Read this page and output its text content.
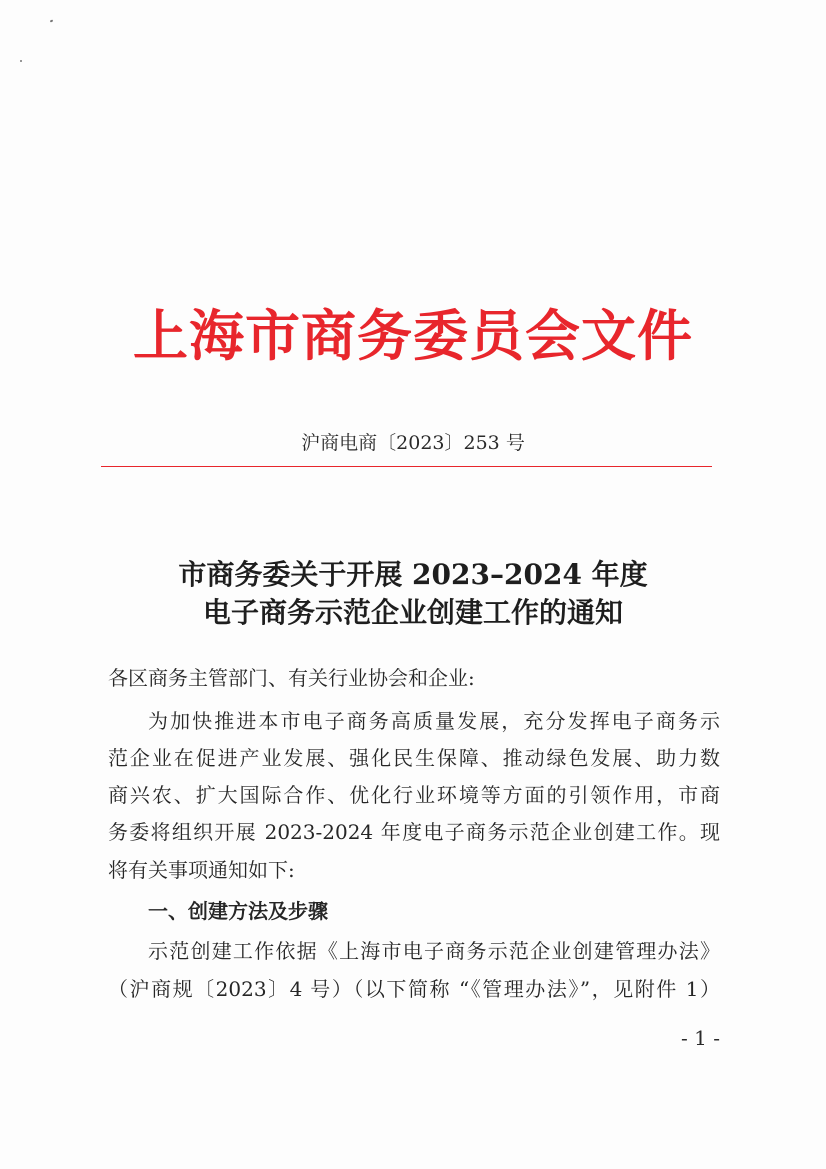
上海市商务委员会文件
沪商电商〔2023〕253 号
市商务委关于开展 2023–2024 年度
电子商务示范企业创建工作的通知
各区商务主管部门、有关行业协会和企业:
为加快推进本市电子商务高质量发展，充分发挥电子商务示
范企业在促进产业发展、强化民生保障、推动绿色发展、助力数
商兴农、扩大国际合作、优化行业环境等方面的引领作用，市商
务委将组织开展 2023-2024 年度电子商务示范企业创建工作。现
将有关事项通知如下:
一、创建方法及步骤
示范创建工作依据《上海市电子商务示范企业创建管理办法》
（沪商规〔2023〕4 号）（以下简称 “《管理办法》”，见附件 1）
- 1 -
